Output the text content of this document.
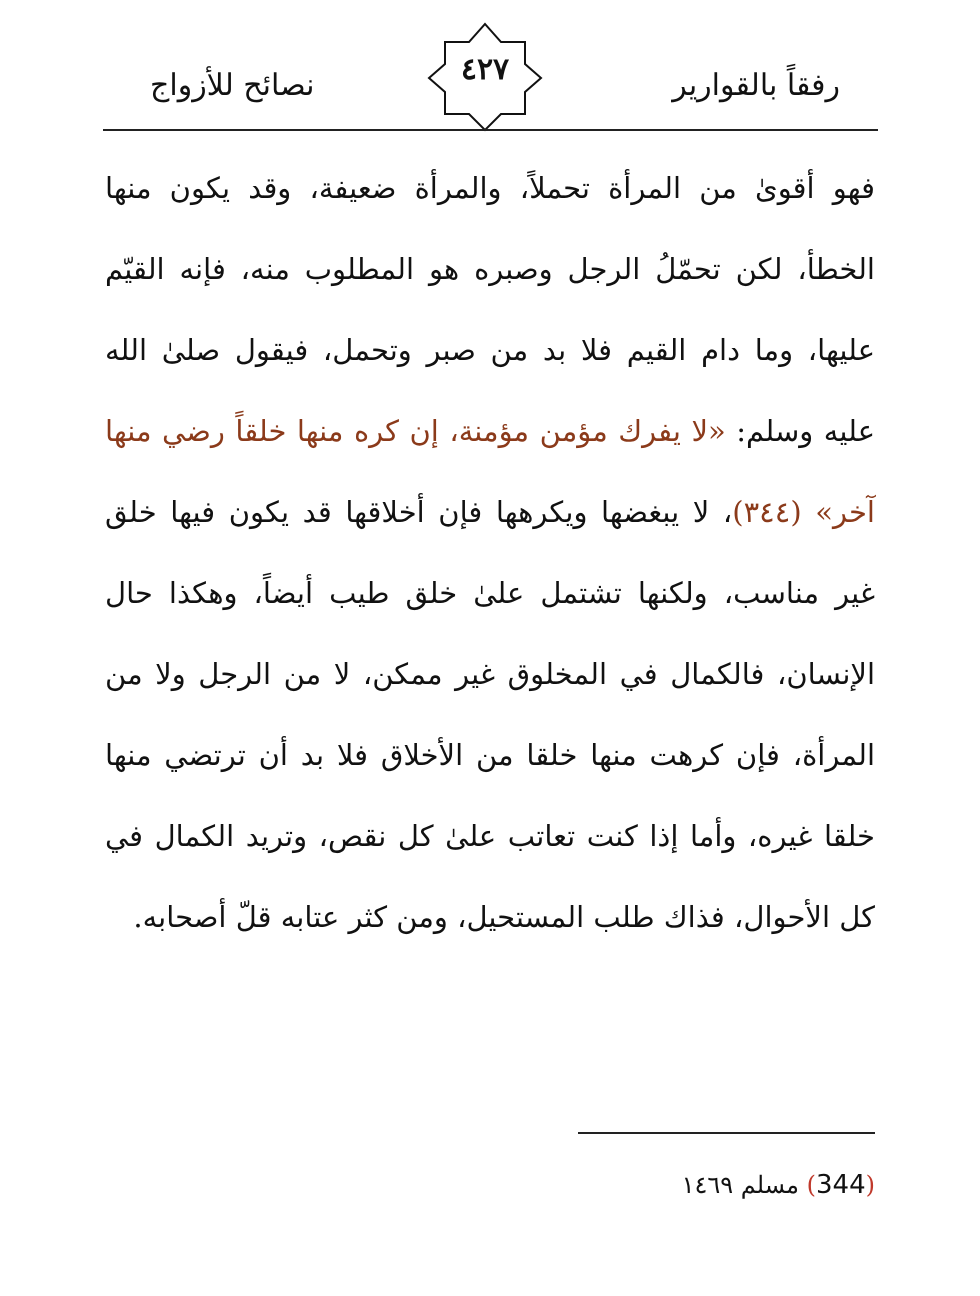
رفقاً بالقوارير
٤٢٧
نصائح للأزواج
فهو أقوىٰ من المرأة تحملاً، والمرأة ضعيفة، وقد يكون منها الخطأ، لكن تحمّلُ الرجل وصبره هو المطلوب منه، فإنه القيّم عليها، وما دام القيم فلا بد من صبر وتحمل، فيقول صلىٰ الله عليه وسلم: «لا يفرك مؤمن مؤمنة، إن كره منها خلقاً رضي منها آخر» (٣٤٤)، لا يبغضها ويكرهها فإن أخلاقها قد يكون فيها خلق غير مناسب، ولكنها تشتمل علىٰ خلق طيب أيضاً، وهكذا حال الإنسان، فالكمال في المخلوق غير ممكن، لا من الرجل ولا من المرأة، فإن كرهت منها خلقا من الأخلاق فلا بد أن ترتضي منها خلقا غيره، وأما إذا كنت تعاتب علىٰ كل نقص، وتريد الكمال في كل الأحوال، فذاك طلب المستحيل، ومن كثر عتابه قلّ أصحابه.
(344) مسلم ١٤٦٩
